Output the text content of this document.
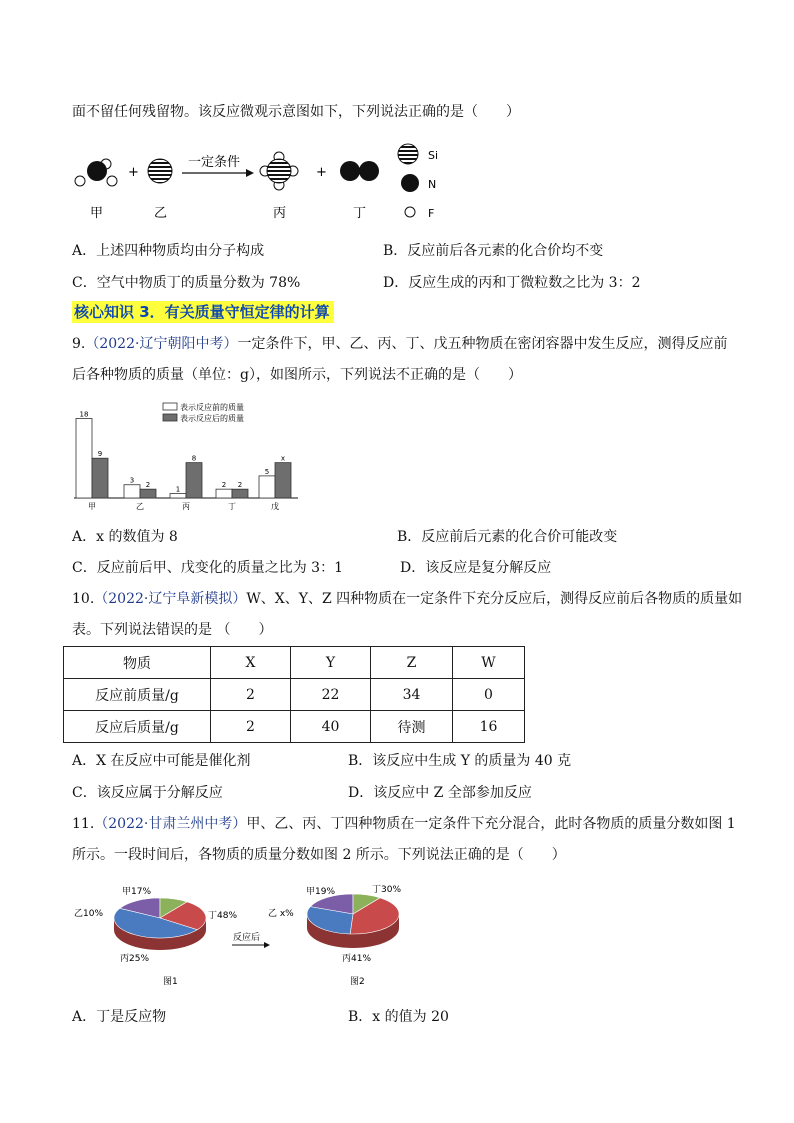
面不留任何残留物。该反应微观示意图如下，下列说法正确的是（　　）
+
一定条件
+
甲	乙	丙	丁
Si
N
F
A．上述四种物质均由分子构成	B．反应前后各元素的化合价均不变
C．空气中物质丁的质量分数为 78%	D．反应生成的丙和丁微粒数之比为 3：2
核心知识 3．有关质量守恒定律的计算
9.（2022·辽宁朝阳中考）一定条件下，甲、乙、丙、丁、戊五种物质在密闭容器中发生反应，测得反应前
后各种物质的质量（单位：g），如图所示，下列说法不正确的是（　　）
表示反应前的质量
表示反应后的质量
18
9
甲
3
2
乙
1
8
丙
2 2
丁
5
x
戊
A．x 的数值为 8	B．反应前后元素的化合价可能改变
C．反应前后甲、戊变化的质量之比为 3：1	D．该反应是复分解反应
10.（2022·辽宁阜新模拟）W、X、Y、Z 四种物质在一定条件下充分反应后，测得反应前后各物质的质量如
表。下列说法错误的是 （　　）
物质	X	Y	Z	W
反应前质量/g	2	22	34	0
反应后质量/g	2	40	待测	16
A．X 在反应中可能是催化剂	B．该反应中生成 Y 的质量为 40 克
C．该反应属于分解反应	D．该反应中 Z 全部参加反应
11.（2022·甘肃兰州中考）甲、乙、丙、丁四种物质在一定条件下充分混合，此时各物质的质量分数如图 1
所示。一段时间后，各物质的质量分数如图 2 所示。下列说法正确的是（　　）
反应后
图1	图2
甲17%
乙10%
丙25%
丁48%
甲19%
乙 x%
丙41%
丁30%
A．丁是反应物	B．x 的值为 20
